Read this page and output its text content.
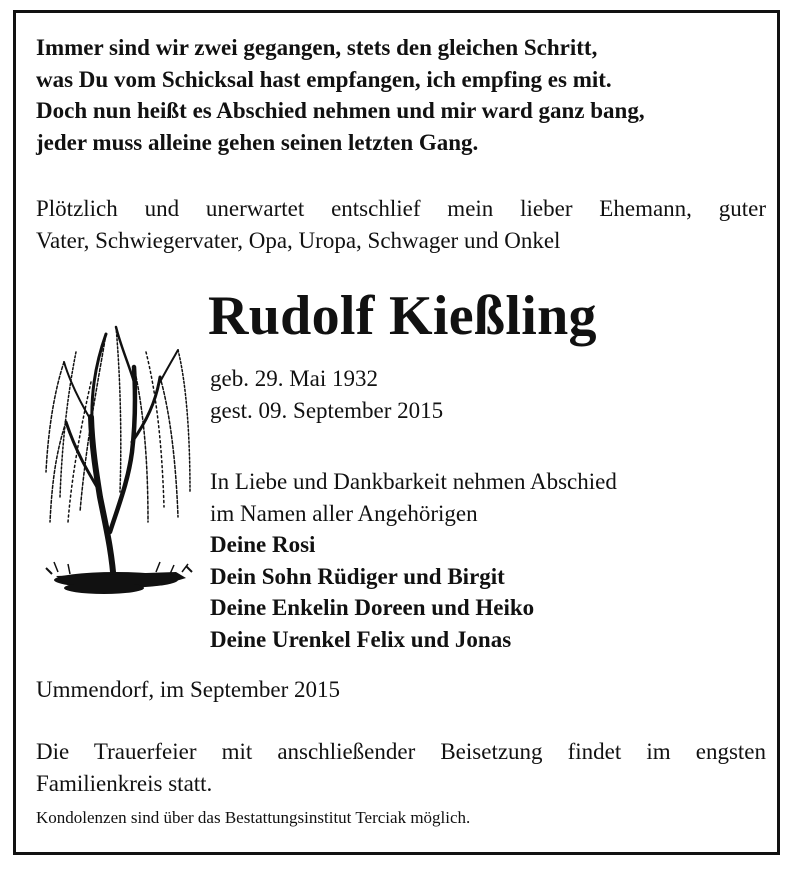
Immer sind wir zwei gegangen, stets den gleichen Schritt,
was Du vom Schicksal hast empfangen, ich empfing es mit.
Doch nun heißt es Abschied nehmen und mir ward ganz bang,
jeder muss alleine gehen seinen letzten Gang.
Plötzlich und unerwartet entschlief mein lieber Ehemann, guter
Vater, Schwiegervater, Opa, Uropa, Schwager und Onkel
Rudolf Kießling
geb. 29. Mai 1932
gest. 09. September 2015
In Liebe und Dankbarkeit nehmen Abschied
im Namen aller Angehörigen
Deine Rosi
Dein Sohn Rüdiger und Birgit
Deine Enkelin Doreen und Heiko
Deine Urenkel Felix und Jonas
Ummendorf, im September 2015
Die Trauerfeier mit anschließender Beisetzung findet im engsten
Familienkreis statt.
Kondolenzen sind über das Bestattungsinstitut Terciak möglich.
